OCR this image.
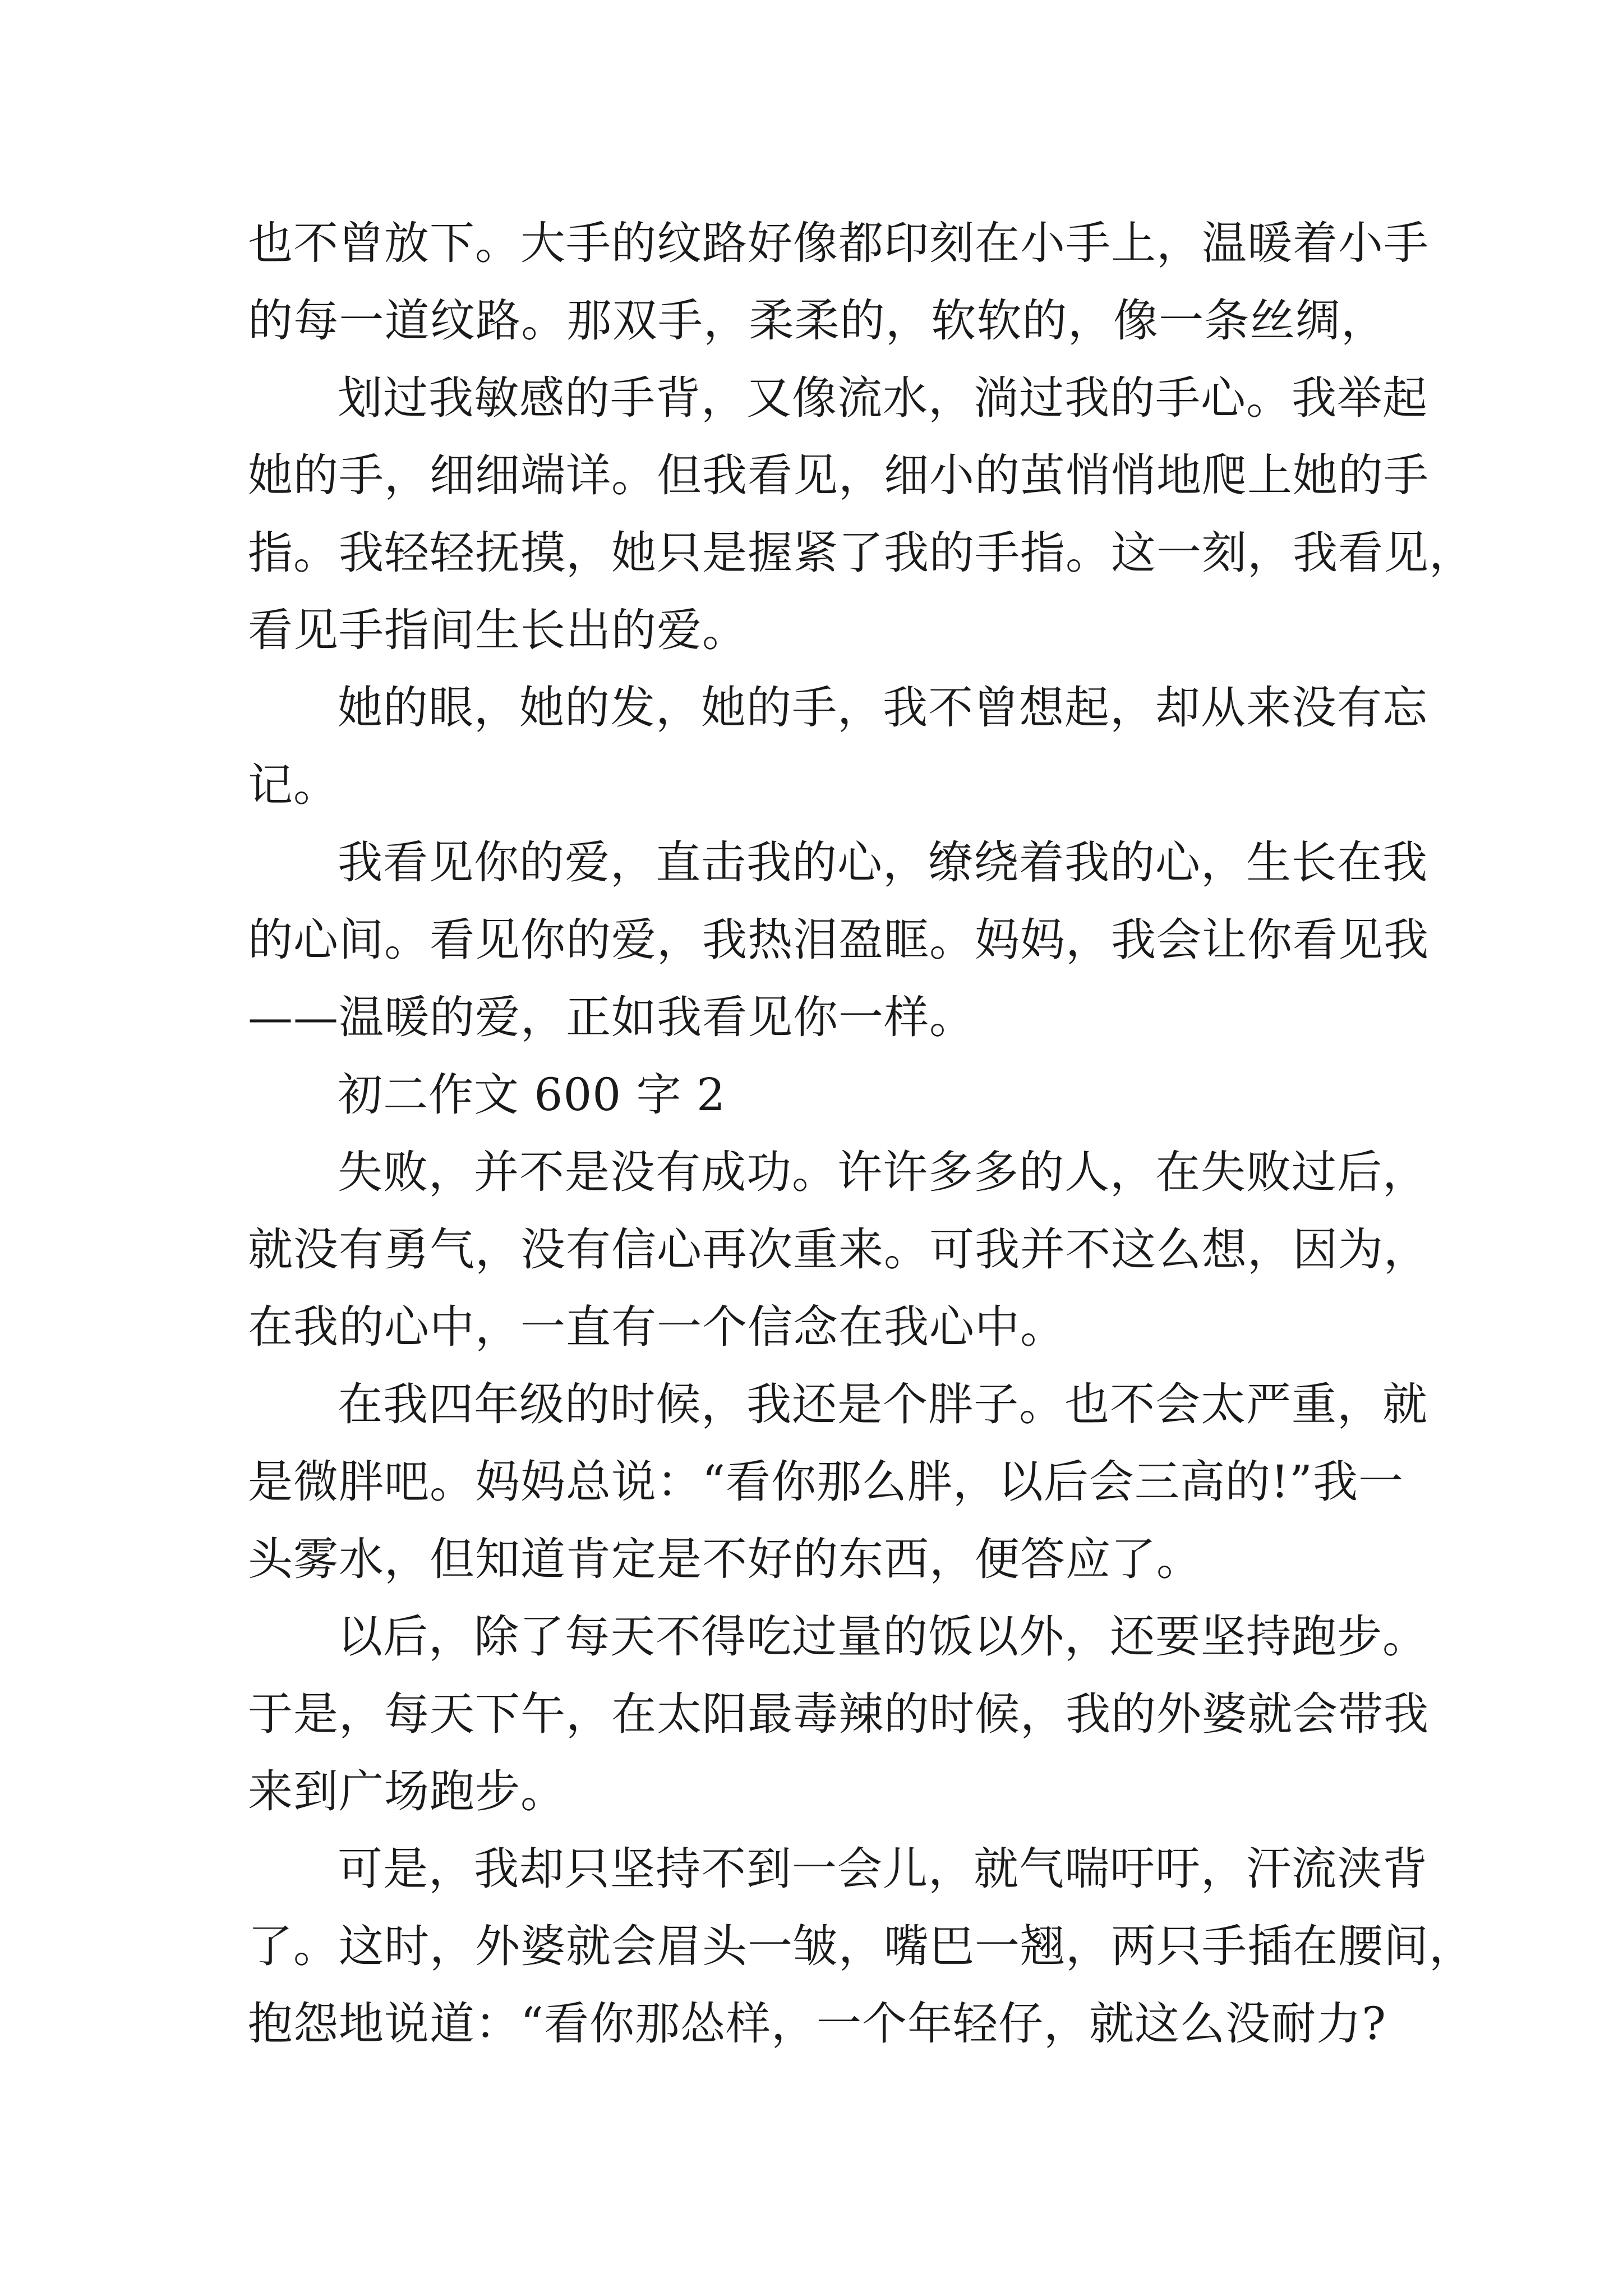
也不曾放下。大手的纹路好像都印刻在小手上，温暖着小手
的每一道纹路。那双手，柔柔的，软软的，像一条丝绸，
划过我敏感的手背，又像流水，淌过我的手心。我举起
她的手，细细端详。但我看见，细小的茧悄悄地爬上她的手
指。我轻轻抚摸，她只是握紧了我的手指。这一刻，我看见，
看见手指间生长出的爱。
她的眼，她的发，她的手，我不曾想起，却从来没有忘
记。
我看见你的爱，直击我的心，缭绕着我的心，生长在我
的心间。看见你的爱，我热泪盈眶。妈妈，我会让你看见我
——温暖的爱，正如我看见你一样。
初二作文 600 字 2
失败，并不是没有成功。许许多多的人，在失败过后，
就没有勇气，没有信心再次重来。可我并不这么想，因为，
在我的心中，一直有一个信念在我心中。
在我四年级的时候，我还是个胖子。也不会太严重，就
是微胖吧。妈妈总说：“看你那么胖，以后会三高的!”我一
头雾水，但知道肯定是不好的东西，便答应了。
以后，除了每天不得吃过量的饭以外，还要坚持跑步。
于是，每天下午，在太阳最毒辣的时候，我的外婆就会带我
来到广场跑步。
可是，我却只坚持不到一会儿，就气喘吁吁，汗流浃背
了。这时，外婆就会眉头一皱，嘴巴一翘，两只手插在腰间，
抱怨地说道：“看你那怂样，一个年轻仔，就这么没耐力?
